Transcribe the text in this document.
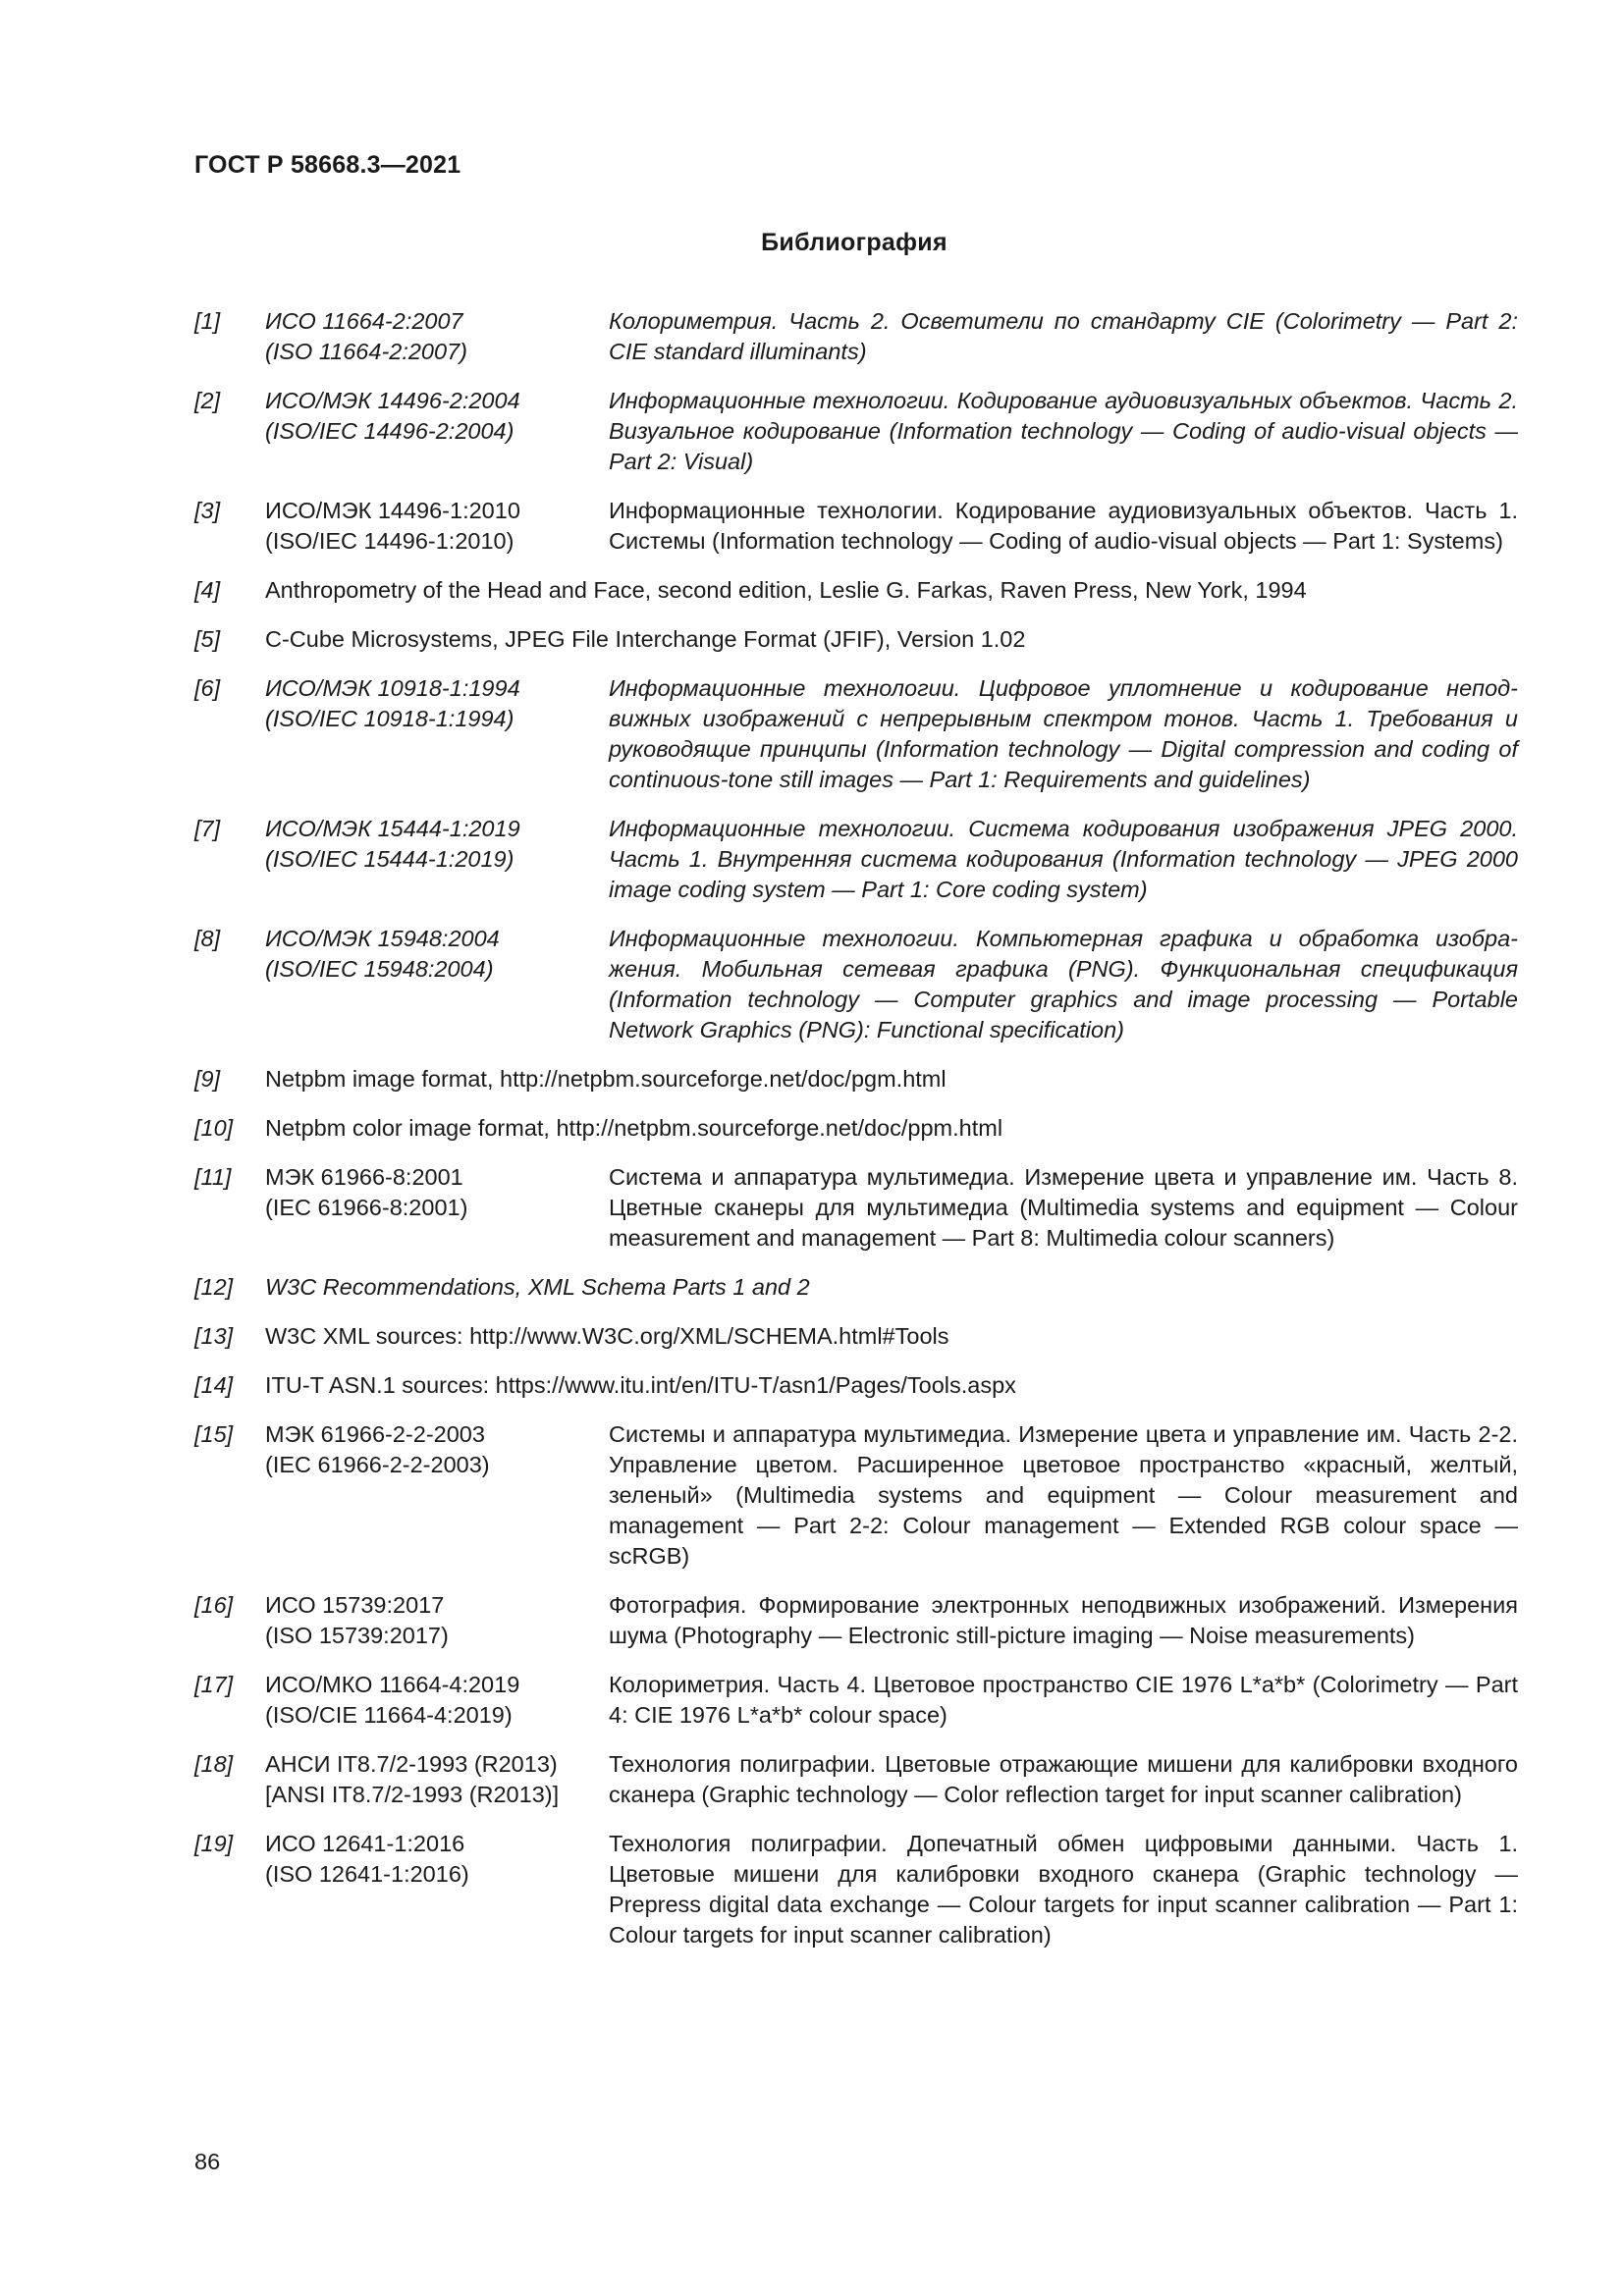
ГОСТ Р 58668.3—2021
Библиография
[1]	ИСО 11664-2:2007
(ISO 11664-2:2007)
Колориметрия. Часть 2. Осветители по стандарту CIE (Colorimetry — Part 2: CIE standard illuminants)
[2]	ИСО/МЭК 14496-2:2004
(ISO/IEC 14496-2:2004)
Информационные технологии. Кодирование аудиовизуальных объектов. Часть 2. Визуальное кодирование (Information technology — Coding of audio-visual objects — Part 2: Visual)
[3]	ИСО/МЭК 14496-1:2010
(ISO/IEC 14496-1:2010)
Информационные технологии. Кодирование аудиовизуальных объектов. Часть 1. Системы (Information technology — Coding of audio-visual objects — Part 1: Systems)
[4]	Anthropometry of the Head and Face, second edition, Leslie G. Farkas, Raven Press, New York, 1994
[5]	C-Cube Microsystems, JPEG File Interchange Format (JFIF), Version 1.02
[6]	ИСО/МЭК 10918-1:1994
(ISO/IEC 10918-1:1994)
Информационные технологии. Цифровое уплотнение и кодирование неподвижных изображений с непрерывным спектром тонов. Часть 1. Требования и руководящие принципы (Information technology — Digital compression and coding of continuous-tone still images — Part 1: Requirements and guidelines)
[7]	ИСО/МЭК 15444-1:2019
(ISO/IEC 15444-1:2019)
Информационные технологии. Система кодирования изображения JPEG 2000. Часть 1. Внутренняя система кодирования (Information technology — JPEG 2000 image coding system — Part 1: Core coding system)
[8]	ИСО/МЭК 15948:2004
(ISO/IEC 15948:2004)
Информационные технологии. Компьютерная графика и обработка изображения. Мобильная сетевая графика (PNG). Функциональная спецификация (Information technology — Computer graphics and image processing — Portable Network Graphics (PNG): Functional specification)
[9]	Netpbm image format, http://netpbm.sourceforge.net/doc/pgm.html
[10]	Netpbm color image format, http://netpbm.sourceforge.net/doc/ppm.html
[11]	МЭК 61966-8:2001
(IEC 61966-8:2001)
Система и аппаратура мультимедиа. Измерение цвета и управление им. Часть 8. Цветные сканеры для мультимедиа (Multimedia systems and equipment — Colour measurement and management — Part 8: Multimedia colour scanners)
[12]	W3C Recommendations, XML Schema Parts 1 and 2
[13]	W3C XML sources: http://www.W3C.org/XML/SCHEMA.html#Tools
[14]	ITU-T ASN.1 sources: https://www.itu.int/en/ITU-T/asn1/Pages/Tools.aspx
[15]	МЭК 61966-2-2-2003
(IEC 61966-2-2-2003)
Системы и аппаратура мультимедиа. Измерение цвета и управление им. Часть 2-2. Управление цветом. Расширенное цветовое пространство «красный, желтый, зеленый» (Multimedia systems and equipment — Colour measurement and management — Part 2-2: Colour management — Extended RGB colour space — scRGB)
[16]	ИСО 15739:2017
(ISO 15739:2017)
Фотография. Формирование электронных неподвижных изображений. Измерения шума (Photography — Electronic still-picture imaging — Noise measurements)
[17]	ИСО/МКО 11664-4:2019
(ISO/CIE 11664-4:2019)
Колориметрия. Часть 4. Цветовое пространство CIE 1976 L*a*b* (Colorimetry — Part 4: CIE 1976 L*a*b* colour space)
[18]	АНСИ IT8.7/2-1993 (R2013)
[ANSI IT8.7/2-1993 (R2013)]
Технология полиграфии. Цветовые отражающие мишени для калибровки входного сканера (Graphic technology — Color reflection target for input scanner calibration)
[19]	ИСО 12641-1:2016
(ISO 12641-1:2016)
Технология полиграфии. Допечатный обмен цифровыми данными. Часть 1. Цветовые мишени для калибровки входного сканера (Graphic technology — Prepress digital data exchange — Colour targets for input scanner calibration — Part 1: Colour targets for input scanner calibration)
86
